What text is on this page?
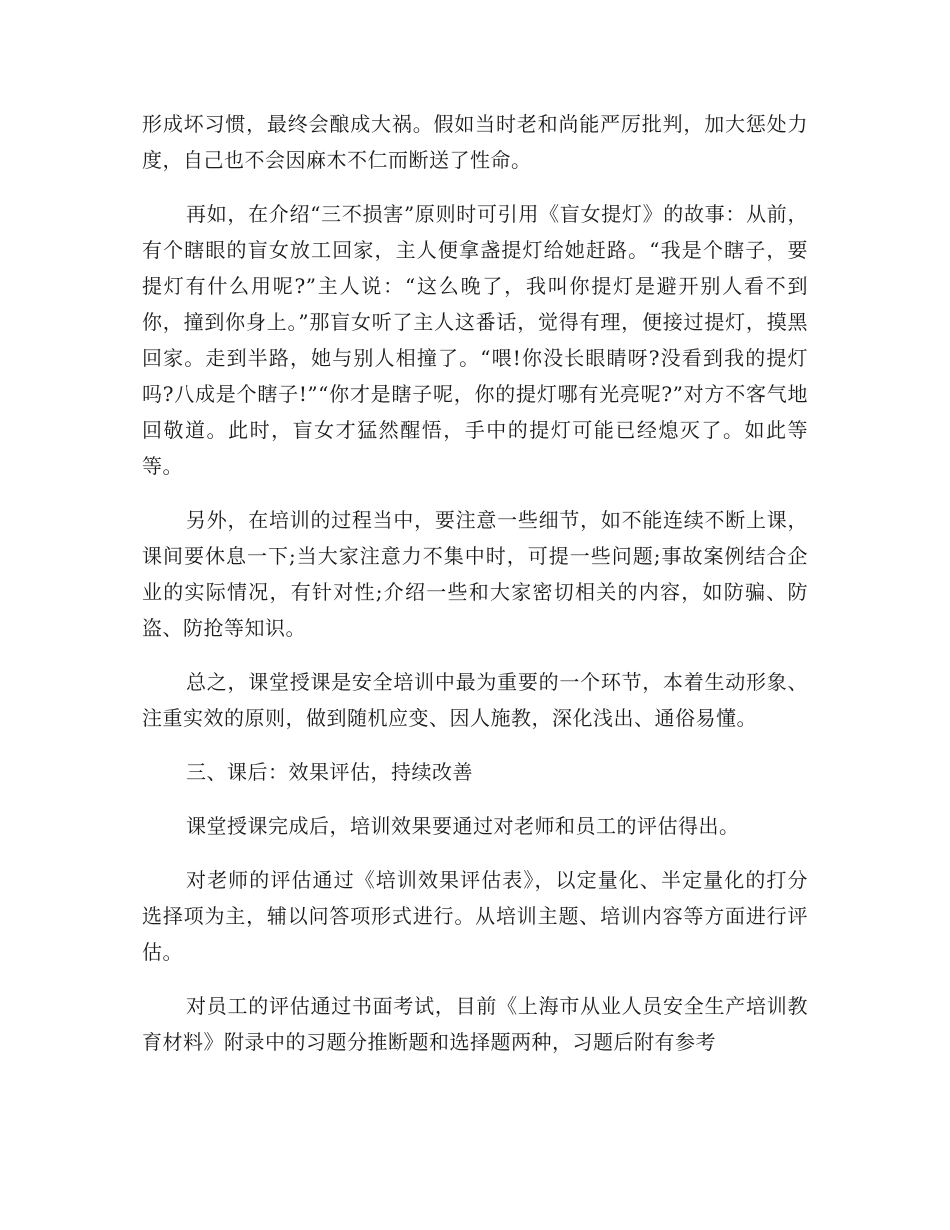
形成坏习惯，最终会酿成大祸。假如当时老和尚能严厉批判，加大惩处力度，自己也不会因麻木不仁而断送了性命。

再如，在介绍“三不损害”原则时可引用《盲女提灯》的故事：从前，有个瞎眼的盲女放工回家，主人便拿盏提灯给她赶路。“我是个瞎子，要提灯有什么用呢?”主人说：“这么晚了，我叫你提灯是避开别人看不到你，撞到你身上。”那盲女听了主人这番话，觉得有理，便接过提灯，摸黑回家。走到半路，她与别人相撞了。“喂!你没长眼睛呀?没看到我的提灯吗?八成是个瞎子!”“你才是瞎子呢，你的提灯哪有光亮呢?”对方不客气地回敬道。此时，盲女才猛然醒悟，手中的提灯可能已经熄灭了。如此等等。

另外，在培训的过程当中，要注意一些细节，如不能连续不断上课，课间要休息一下;当大家注意力不集中时，可提一些问题;事故案例结合企业的实际情况，有针对性;介绍一些和大家密切相关的内容，如防骗、防盗、防抢等知识。

总之，课堂授课是安全培训中最为重要的一个环节，本着生动形象、注重实效的原则，做到随机应变、因人施教，深化浅出、通俗易懂。

三、课后：效果评估，持续改善

课堂授课完成后，培训效果要通过对老师和员工的评估得出。

对老师的评估通过《培训效果评估表》，以定量化、半定量化的打分选择项为主，辅以问答项形式进行。从培训主题、培训内容等方面进行评估。

对员工的评估通过书面考试，目前《上海市从业人员安全生产培训教育材料》附录中的习题分推断题和选择题两种，习题后附有参考
